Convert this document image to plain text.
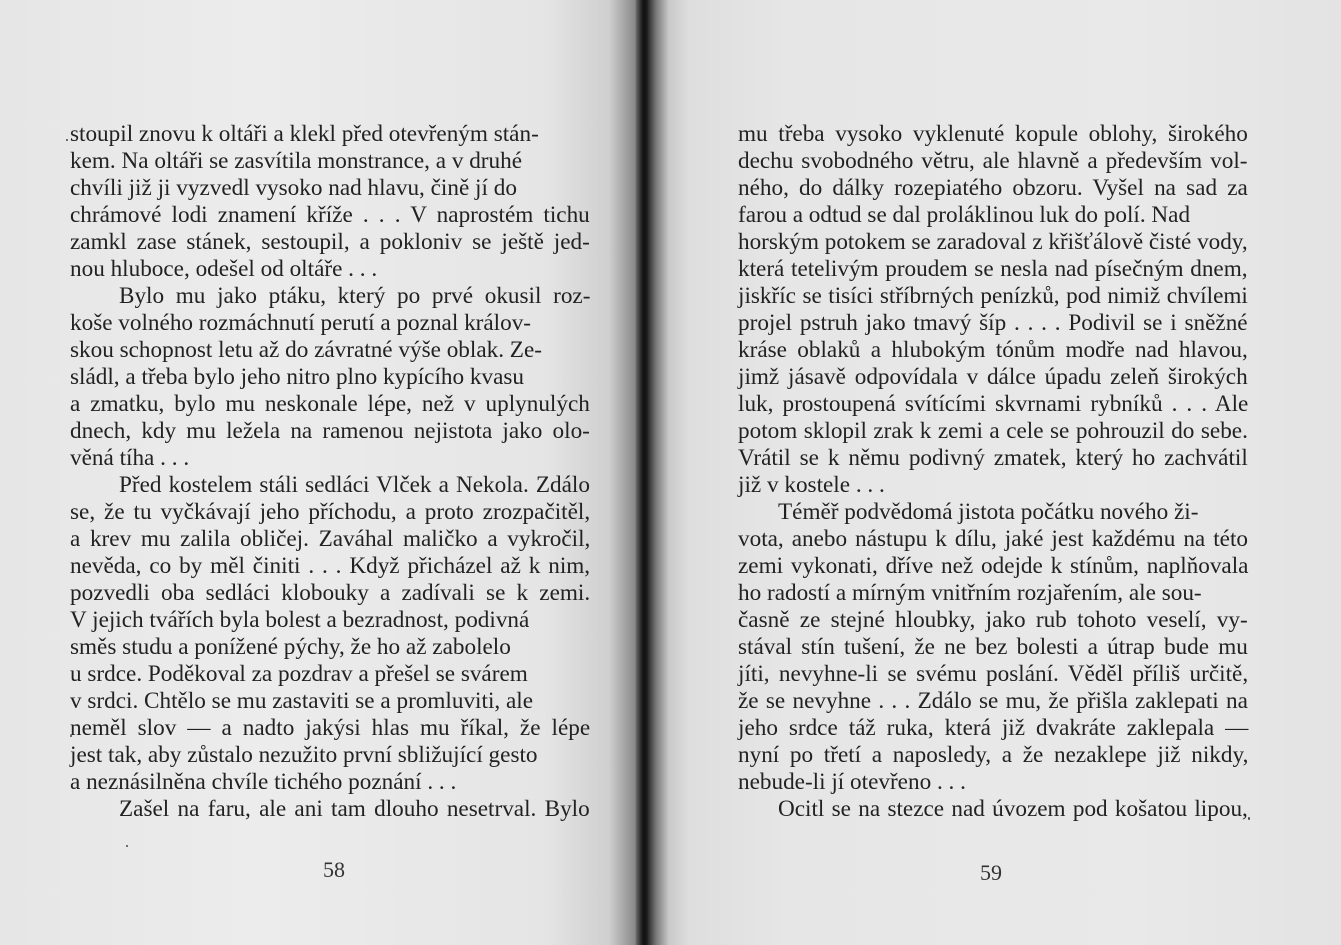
stoupil znovu k oltáři a klekl před otevřeným stán-
kem. Na oltáři se zasvítila monstrance, a v druhé
chvíli již ji vyzvedl vysoko nad hlavu, čině jí do
chrámové lodi znamení kříže . . . V naprostém tichu
zamkl zase stánek, sestoupil, a pokloniv se ještě jed-
nou hluboce, odešel od oltáře . . .
Bylo mu jako ptáku, který po prvé okusil roz-
koše volného rozmáchnutí perutí a poznal králov-
skou schopnost letu až do závratné výše oblak. Ze-
sládl, a třeba bylo jeho nitro plno kypícího kvasu
a zmatku, bylo mu neskonale lépe, než v uplynulých
dnech, kdy mu ležela na ramenou nejistota jako olo-
věná tíha . . .
Před kostelem stáli sedláci Vlček a Nekola. Zdálo
se, že tu vyčkávají jeho příchodu, a proto zrozpačitěl,
a krev mu zalila obličej. Zaváhal maličko a vykročil,
nevěda, co by měl činiti . . . Když přicházel až k nim,
pozvedli oba sedláci klobouky a zadívali se k zemi.
V jejich tvářích byla bolest a bezradnost, podivná
směs studu a ponížené pýchy, že ho až zabolelo
u srdce. Poděkoval za pozdrav a přešel se svárem
v srdci. Chtělo se mu zastaviti se a promluviti, ale
neměl slov — a nadto jakýsi hlas mu říkal, že lépe
jest tak, aby zůstalo nezužito první sbližující gesto
a neznásilněna chvíle tichého poznání . . .
Zašel na faru, ale ani tam dlouho nesetrval. Bylo
58
mu třeba vysoko vyklenuté kopule oblohy, širokého
dechu svobodného větru, ale hlavně a především vol-
ného, do dálky rozepiatého obzoru. Vyšel na sad za
farou a odtud se dal proláklinou luk do polí. Nad
horským potokem se zaradoval z křišťálově čisté vody,
která tetelivým proudem se nesla nad písečným dnem,
jiskříc se tisíci stříbrných penízků, pod nimiž chvílemi
projel pstruh jako tmavý šíp . . . . Podivil se i sněžné
kráse oblaků a hlubokým tónům modře nad hlavou,
jimž jásavě odpovídala v dálce úpadu zeleň širokých
luk, prostoupená svítícími skvrnami rybníků . . . Ale
potom sklopil zrak k zemi a cele se pohrouzil do sebe.
Vrátil se k němu podivný zmatek, který ho zachvátil
již v kostele . . .
Téměř podvědomá jistota počátku nového ži-
vota, anebo nástupu k dílu, jaké jest každému na této
zemi vykonati, dříve než odejde k stínům, naplňovala
ho radostí a mírným vnitřním rozjařením, ale sou-
časně ze stejné hloubky, jako rub tohoto veselí, vy-
stával stín tušení, že ne bez bolesti a útrap bude mu
jíti, nevyhne-li se svému poslání. Věděl příliš určitě,
že se nevyhne . . . Zdálo se mu, že přišla zaklepati na
jeho srdce táž ruka, která již dvakráte zaklepala —
nyní po třetí a naposledy, a že nezaklepe již nikdy,
nebude-li jí otevřeno . . .
Ocitl se na stezce nad úvozem pod košatou lipou,
59
